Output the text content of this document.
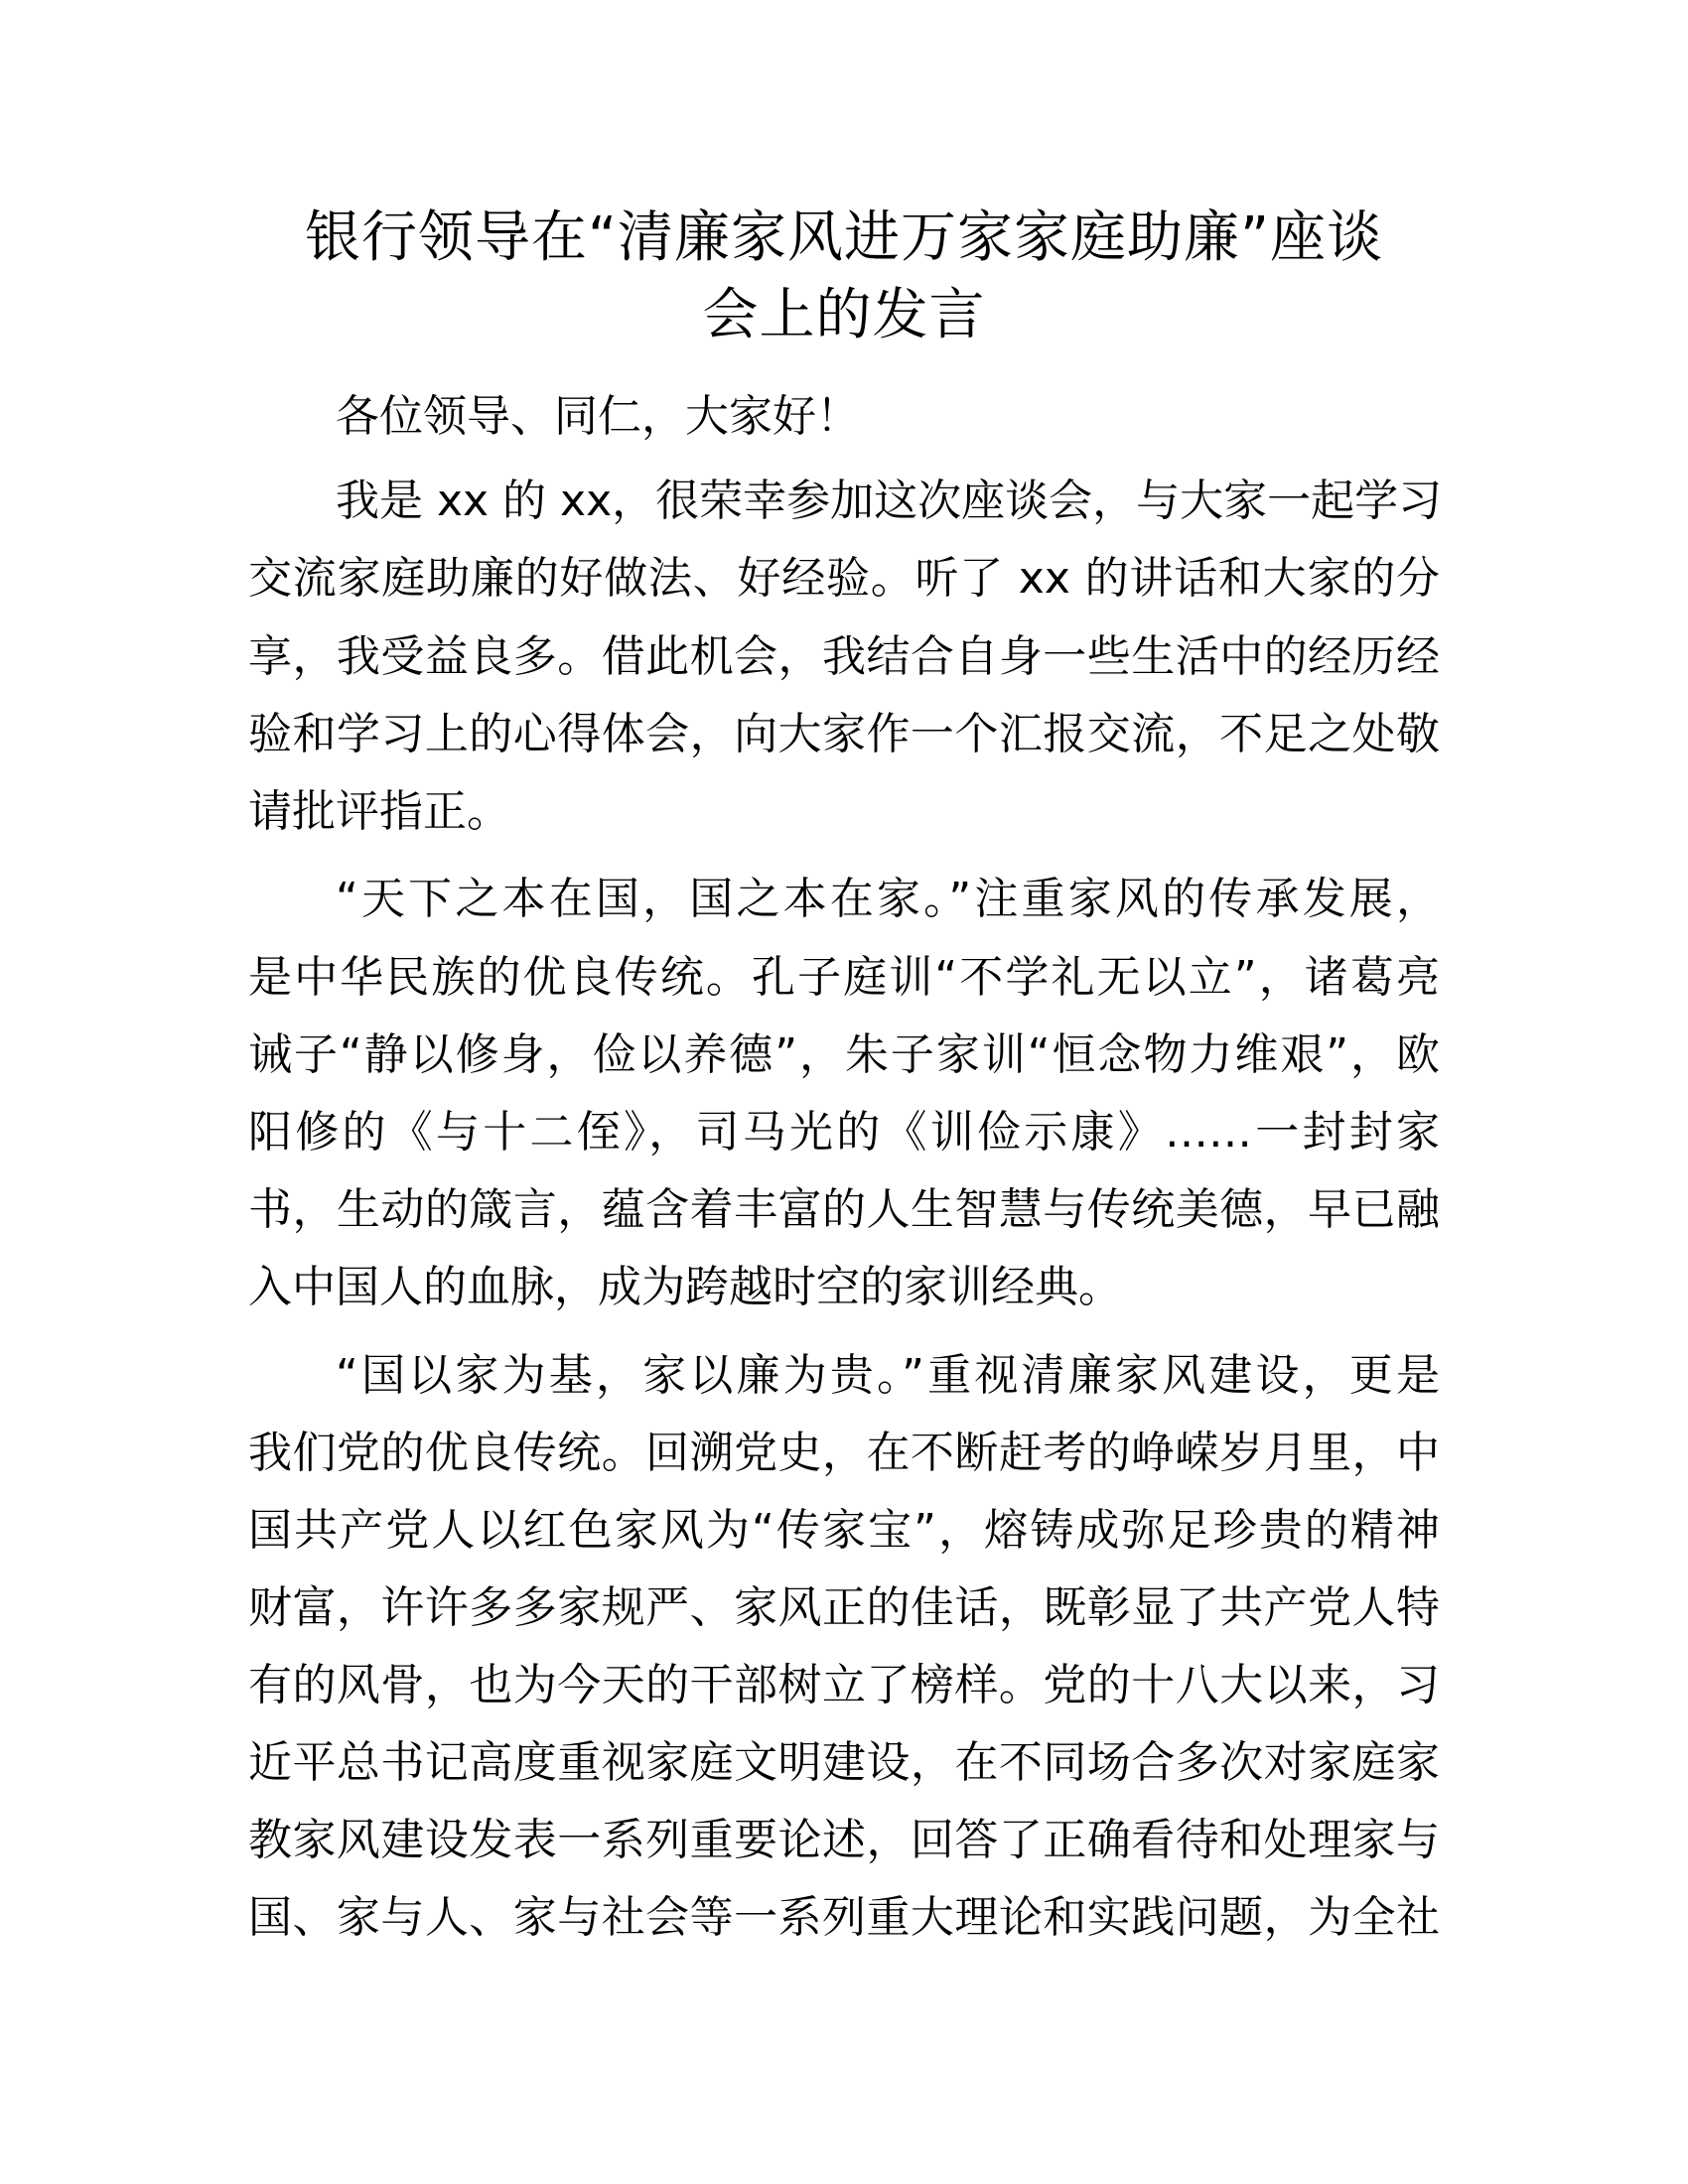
银行领导在“清廉家风进万家家庭助廉”座谈
会上的发言
各位领导、同仁，大家好！
我是 xx 的 xx，很荣幸参加这次座谈会，与大家一起学习
交流家庭助廉的好做法、好经验。听了 xx 的讲话和大家的分
享，我受益良多。借此机会，我结合自身一些生活中的经历经
验和学习上的心得体会，向大家作一个汇报交流，不足之处敬
请批评指正。
“天下之本在国，国之本在家。”注重家风的传承发展，
是中华民族的优良传统。孔子庭训“不学礼无以立”，诸葛亮
诫子“静以修身，俭以养德”，朱子家训“恒念物力维艰”，欧
阳修的《与十二侄》，司马光的《训俭示康》……一封封家
书，生动的箴言，蕴含着丰富的人生智慧与传统美德，早已融
入中国人的血脉，成为跨越时空的家训经典。
“国以家为基，家以廉为贵。”重视清廉家风建设，更是
我们党的优良传统。回溯党史，在不断赶考的峥嵘岁月里，中
国共产党人以红色家风为“传家宝”，熔铸成弥足珍贵的精神
财富，许许多多家规严、家风正的佳话，既彰显了共产党人特
有的风骨，也为今天的干部树立了榜样。党的十八大以来，习
近平总书记高度重视家庭文明建设，在不同场合多次对家庭家
教家风建设发表一系列重要论述，回答了正确看待和处理家与
国、家与人、家与社会等一系列重大理论和实践问题，为全社
